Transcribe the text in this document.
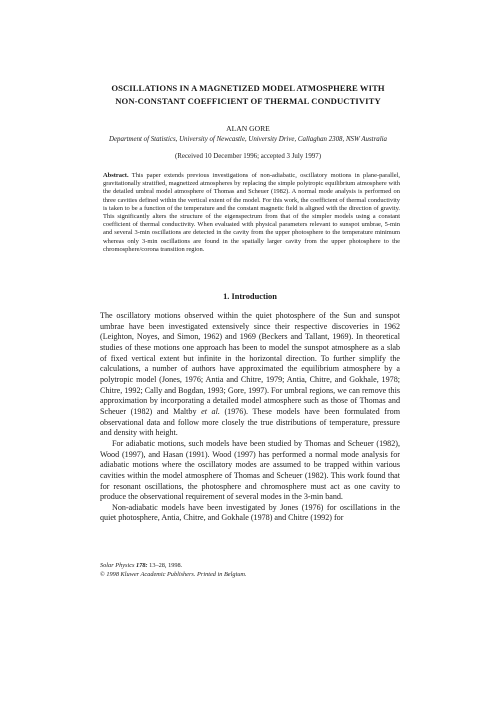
OSCILLATIONS IN A MAGNETIZED MODEL ATMOSPHERE WITH
NON-CONSTANT COEFFICIENT OF THERMAL CONDUCTIVITY
ALAN GORE
Department of Statistics, University of Newcastle, University Drive, Callaghan 2308, NSW Australia
(Received 10 December 1996; accepted 3 July 1997)
Abstract. This paper extends previous investigations of non-adiabatic, oscillatory motions in plane-parallel, gravitationally stratified, magnetized atmospheres by replacing the simple polytropic equilibrium atmosphere with the detailed umbral model atmosphere of Thomas and Scheuer (1982). A normal mode analysis is performed on three cavities defined within the vertical extent of the model. For this work, the coefficient of thermal conductivity is taken to be a function of the temperature and the constant magnetic field is aligned with the direction of gravity. This significantly alters the structure of the eigenspectrum from that of the simpler models using a constant coefficient of thermal conductivity. When evaluated with physical parameters relevant to sunspot umbrae, 5-min and several 3-min oscillations are detected in the cavity from the upper photosphere to the temperature minimum whereas only 3-min oscillations are found in the spatially larger cavity from the upper photosphere to the chromosphere/corona transition region.
1. Introduction

The oscillatory motions observed within the quiet photosphere of the Sun and sunspot umbrae have been investigated extensively since their respective discoveries in 1962 (Leighton, Noyes, and Simon, 1962) and 1969 (Beckers and Tallant, 1969). In theoretical studies of these motions one approach has been to model the sunspot atmosphere as a slab of fixed vertical extent but infinite in the horizontal direction. To further simplify the calculations, a number of authors have approximated the equilibrium atmosphere by a polytropic model (Jones, 1976; Antia and Chitre, 1979; Antia, Chitre, and Gokhale, 1978; Chitre, 1992; Cally and Bogdan, 1993; Gore, 1997). For umbral regions, we can remove this approximation by incorporating a detailed model atmosphere such as those of Thomas and Scheuer (1982) and Maltby et al. (1976). These models have been formulated from observational data and follow more closely the true distributions of temperature, pressure and density with height.

For adiabatic motions, such models have been studied by Thomas and Scheuer (1982), Wood (1997), and Hasan (1991). Wood (1997) has performed a normal mode analysis for adiabatic motions where the oscillatory modes are assumed to be trapped within various cavities within the model atmosphere of Thomas and Scheuer (1982). This work found that for resonant oscillations, the photosphere and chromosphere must act as one cavity to produce the observational requirement of several modes in the 3-min band.

Non-adiabatic models have been investigated by Jones (1976) for oscillations in the quiet photosphere, Antia, Chitre, and Gokhale (1978) and Chitre (1992) for

Solar Physics 178: 13–28, 1998.
© 1998 Kluwer Academic Publishers. Printed in Belgium.
